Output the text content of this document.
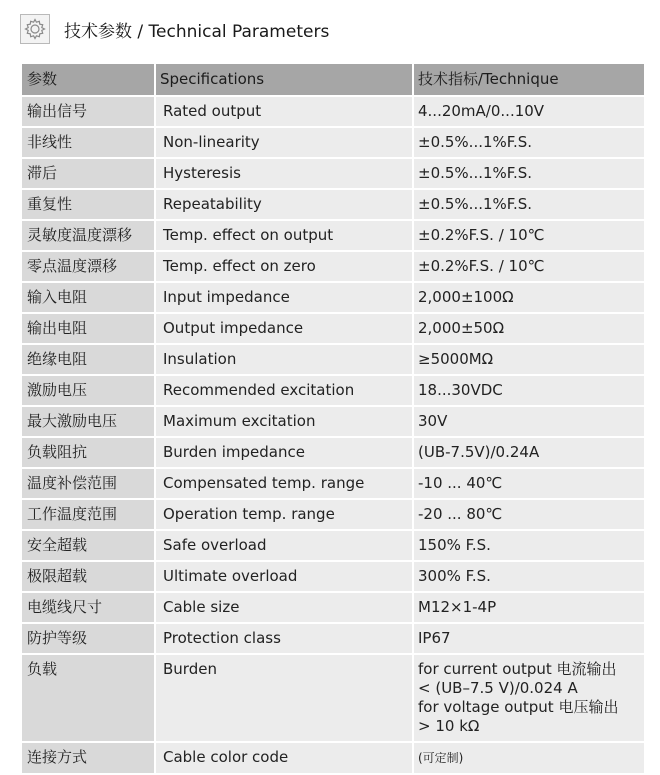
技术参数 / Technical Parameters
参数	Specifications	技术指标/Technique
输出信号	Rated output	4...20mA/0...10V
非线性	Non-linearity	±0.5%...1%F.S.
滞后	Hysteresis	±0.5%...1%F.S.
重复性	Repeatability	±0.5%...1%F.S.
灵敏度温度漂移	Temp. effect on output	±0.2%F.S. / 10℃
零点温度漂移	Temp. effect on zero	±0.2%F.S. / 10℃
输入电阻	Input impedance	2,000±100Ω
输出电阻	Output impedance	2,000±50Ω
绝缘电阻	Insulation	≥5000MΩ
激励电压	Recommended excitation	18...30VDC
最大激励电压	Maximum excitation	30V
负载阻抗	Burden impedance	(UB-7.5V)/0.24A
温度补偿范围	Compensated temp. range	-10 ... 40℃
工作温度范围	Operation temp. range	-20 ... 80℃
安全超载	Safe overload	150% F.S.
极限超载	Ultimate overload	300% F.S.
电缆线尺寸	Cable size	M12×1-4P
防护等级	Protection class	IP67
负载	Burden	for current output 电流输出
< (UB–7.5 V)/0.024 A
for voltage output 电压输出
> 10 kΩ
连接方式	Cable color code	(可定制)
